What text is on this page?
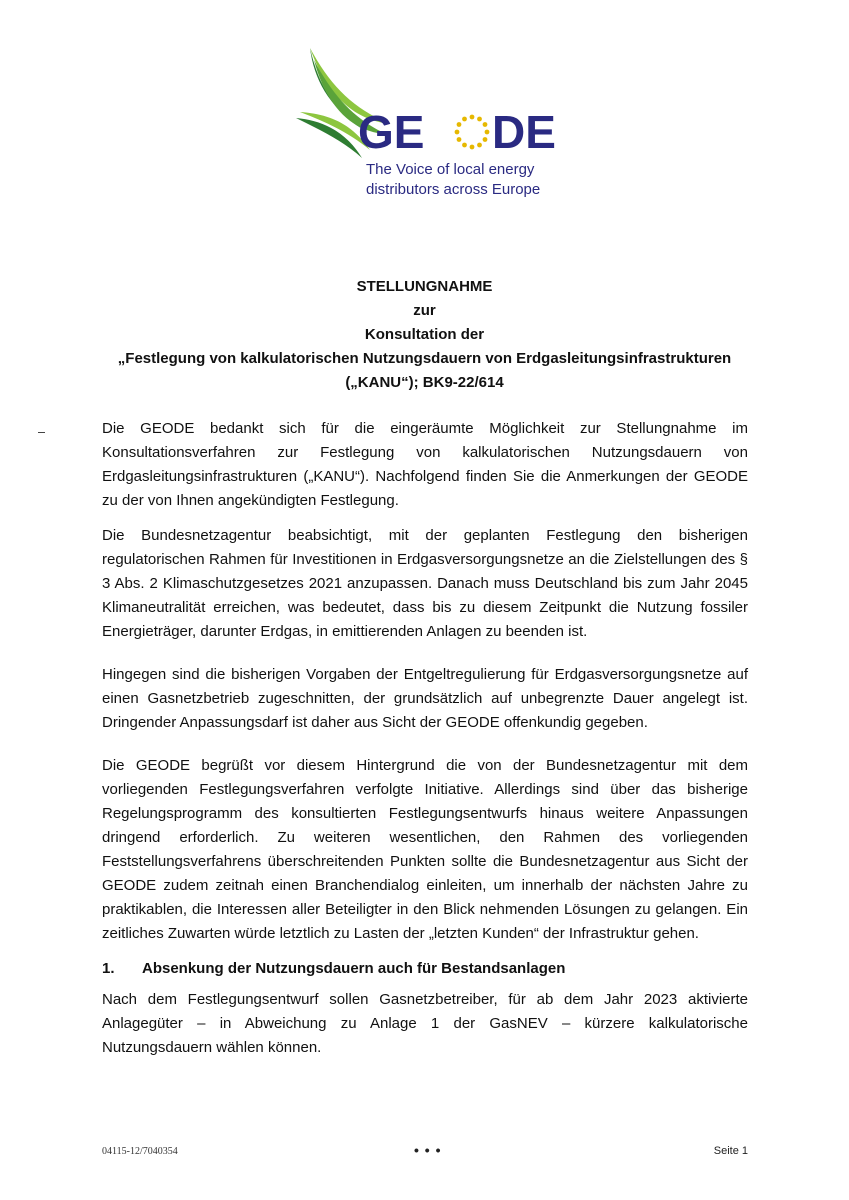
GE DE
The Voice of local energy
distributors across Europe
STELLUNGNAHME
zur
Konsultation der
„Festlegung von kalkulatorischen Nutzungsdauern von Erdgasleitungsinfrastrukturen
(„KANU“); BK9-22/614
Die GEODE bedankt sich für die eingeräumte Möglichkeit zur Stellungnahme im Konsultationsverfahren zur Festlegung von kalkulatorischen Nutzungsdauern von Erdgasleitungsinfrastrukturen („KANU“). Nachfolgend finden Sie die Anmerkungen der GEODE zu der von Ihnen angekündigten Festlegung.
Die Bundesnetzagentur beabsichtigt, mit der geplanten Festlegung den bisherigen regulatorischen Rahmen für Investitionen in Erdgasversorgungsnetze an die Zielstellungen des § 3 Abs. 2 Klimaschutzgesetzes 2021 anzupassen. Danach muss Deutschland bis zum Jahr 2045 Klimaneutralität erreichen, was bedeutet, dass bis zu diesem Zeitpunkt die Nutzung fossiler Energieträger, darunter Erdgas, in emittierenden Anlagen zu beenden ist.
Hingegen sind die bisherigen Vorgaben der Entgeltregulierung für Erdgasversorgungsnetze auf einen Gasnetzbetrieb zugeschnitten, der grundsätzlich auf unbegrenzte Dauer angelegt ist. Dringender Anpassungsdarf ist daher aus Sicht der GEODE offenkundig gegeben.
Die GEODE begrüßt vor diesem Hintergrund die von der Bundesnetzagentur mit dem vorliegenden Festlegungsverfahren verfolgte Initiative. Allerdings sind über das bisherige Regelungsprogramm des konsultierten Festlegungsentwurfs hinaus weitere Anpassungen dringend erforderlich. Zu weiteren wesentlichen, den Rahmen des vorliegenden Feststellungsverfahrens überschreitenden Punkten sollte die Bundesnetzagentur aus Sicht der GEODE zudem zeitnah einen Branchendialog einleiten, um innerhalb der nächsten Jahre zu praktikablen, die Interessen aller Beteiligter in den Blick nehmenden Lösungen zu gelangen. Ein zeitliches Zuwarten würde letztlich zu Lasten der „letzten Kunden“ der Infrastruktur gehen.
1. Absenkung der Nutzungsdauern auch für Bestandsanlagen
Nach dem Festlegungsentwurf sollen Gasnetzbetreiber, für ab dem Jahr 2023 aktivierte Anlagegüter – in Abweichung zu Anlage 1 der GasNEV – kürzere kalkulatorische Nutzungsdauern wählen können.
04115-12/7040354	• • •	Seite 1
